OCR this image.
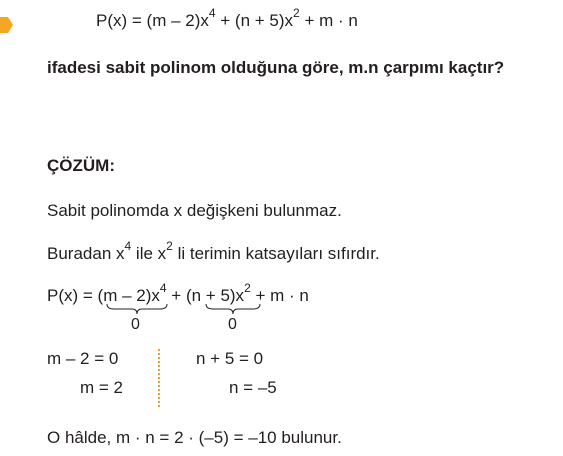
$P(x) = (m - 2)x^4 + (n + 5)x^2 + m \cdot n$
ifadesi sabit polinom olduğuna göre, m.n çarpımı kaçtır?
ÇÖZÜM:
Sabit polinomda x değişkeni bulunmaz.
Buradan $x^4$ ile $x^2$ li terimin katsayıları sıfırdır.
$P(x) = (m - 2)x^4 + (n + 5)x^2 + m \cdot n$
0	0
m – 2 = 0
m = 2
n + 5 = 0
n = –5
O hâlde, m · n = 2 · (–5) = –10 bulunur.
